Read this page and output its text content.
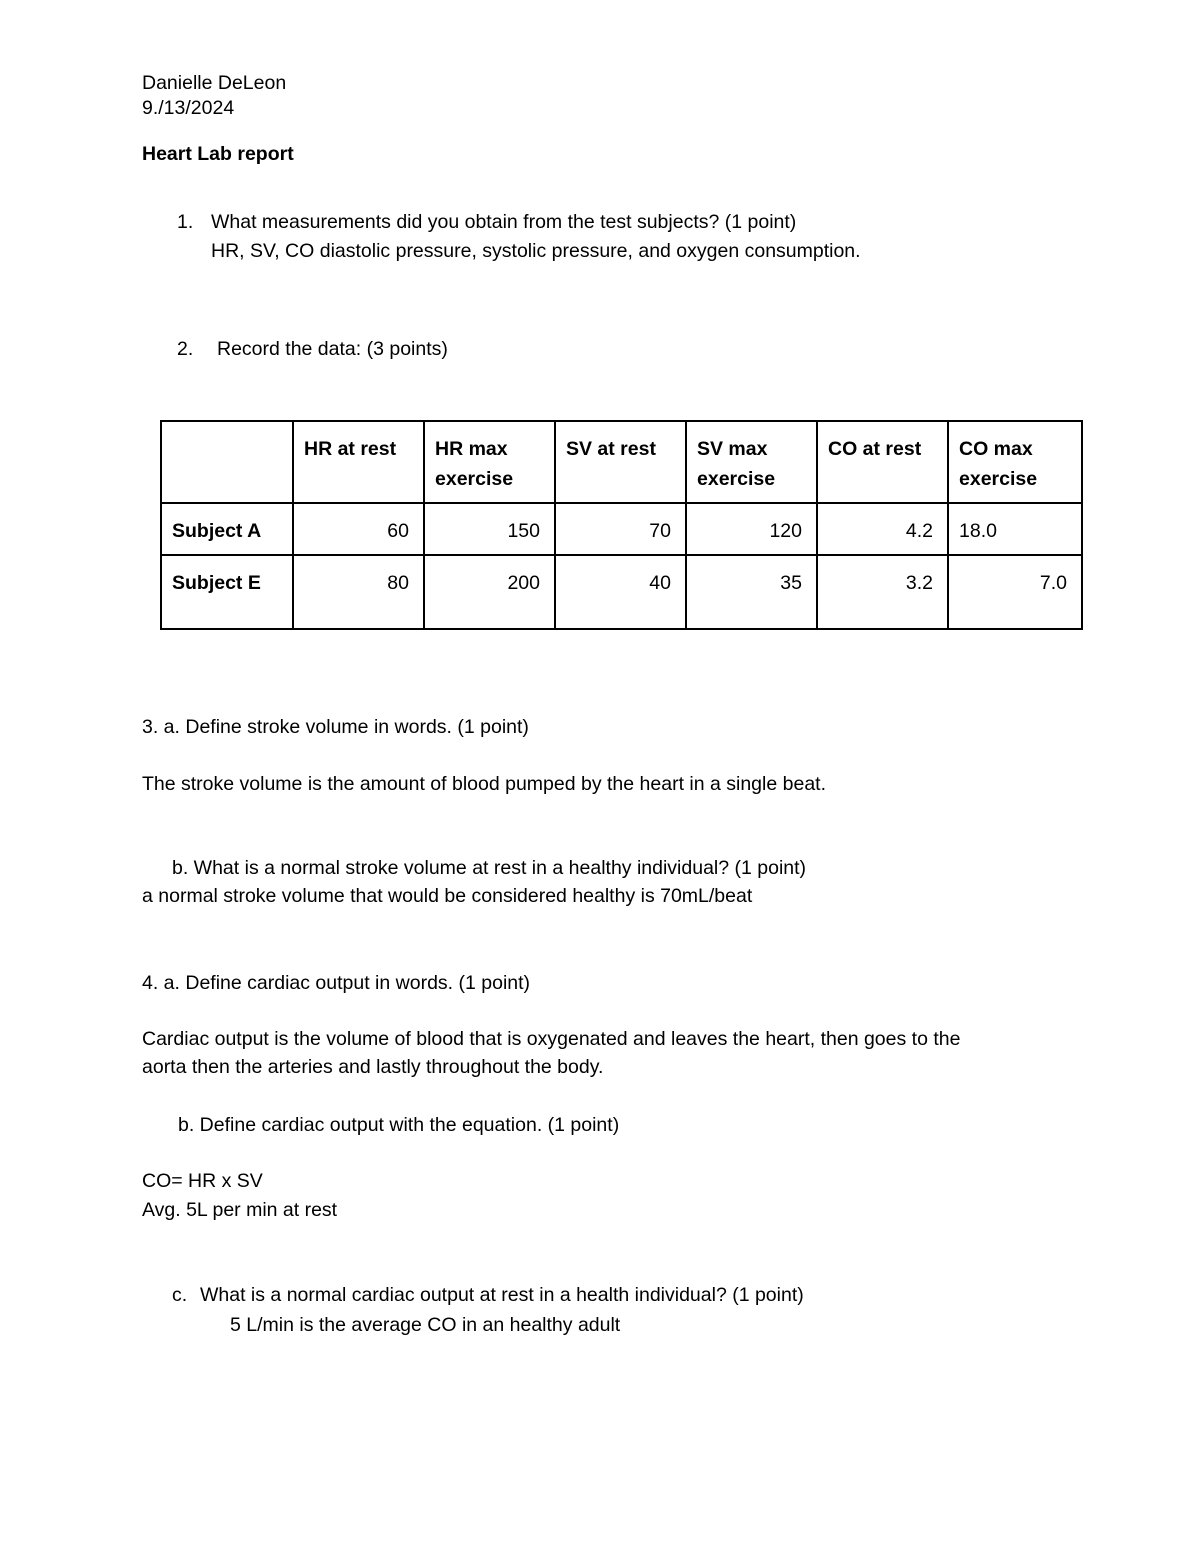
Danielle DeLeon
9./13/2024
Heart Lab report
1. What measurements did you obtain from the test subjects? (1 point)
HR, SV, CO diastolic pressure, systolic pressure, and oxygen consumption.
2. Record the data: (3 points)
	HR at rest	HR max exercise	SV at rest	SV max exercise	CO at rest	CO max exercise
Subject A	60	150	70	120	4.2	18.0
Subject E	80	200	40	35	3.2	7.0
3. a. Define stroke volume in words. (1 point)
The stroke volume is the amount of blood pumped by the heart in a single beat.
b. What is a normal stroke volume at rest in a healthy individual? (1 point)
a normal stroke volume that would be considered healthy is 70mL/beat
4. a. Define cardiac output in words. (1 point)
Cardiac output is the volume of blood that is oxygenated and leaves the heart, then goes to the
aorta then the arteries and lastly throughout the body.
b. Define cardiac output with the equation. (1 point)
CO= HR x SV
Avg. 5L per min at rest
c. What is a normal cardiac output at rest in a health individual? (1 point)
5 L/min is the average CO in an healthy adult
